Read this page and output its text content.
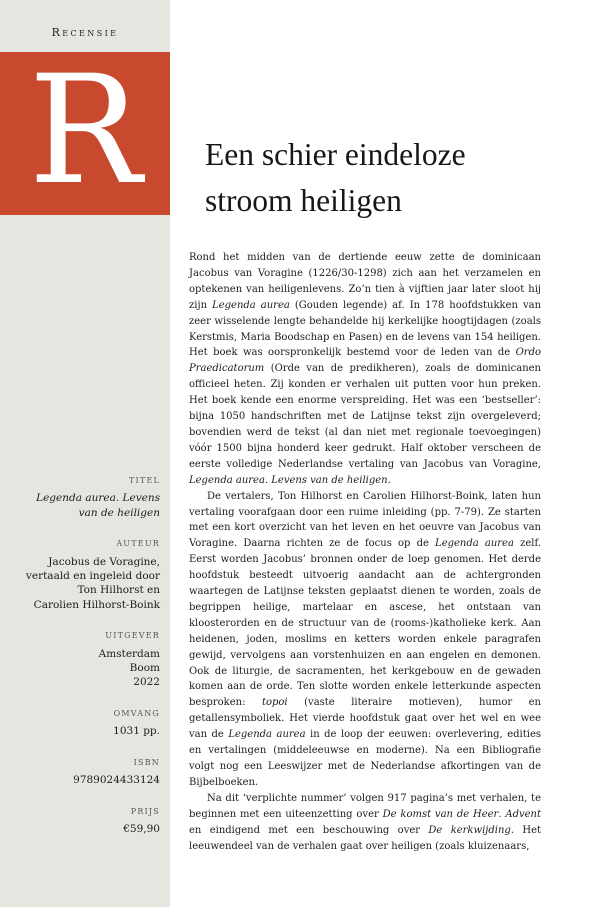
Recensie
R Een schier eindeloze
stroom heiligen
TITEL
Legenda aurea. Levens
van de heiligen
AUTEUR
Jacobus de Voragine,
vertaald en ingeleid door
Ton Hilhorst en
Carolien Hilhorst-Boink
UITGEVER
Amsterdam
Boom
2022
OMVANG
1031 pp.
ISBN
9789024433124
PRIJS
€59,90

Rond het midden van de dertiende eeuw zette de dominicaan Jacobus van Voragine (1226/30-1298) zich aan het verzamelen en optekenen van heiligenlevens. Zo’n tien à vijftien jaar later sloot hij zijn Legenda aurea (Gouden legende) af. In 178 hoofdstukken van zeer wisselende lengte behandelde hij kerkelijke hoogtijdagen (zoals Kerstmis, Maria Boodschap en Pasen) en de levens van 154 heiligen. Het boek was oorspronkelijk bestemd voor de leden van de Ordo Praedicatorum (Orde van de predikheren), zoals de dominicanen officieel heten. Zij konden er verhalen uit putten voor hun preken. Het boek kende een enorme verspreiding. Het was een ‘bestseller’: bijna 1050 handschriften met de Latijnse tekst zijn overgeleverd; bovendien werd de tekst (al dan niet met regionale toevoegingen) vóór 1500 bijna honderd keer gedrukt. Half oktober verscheen de eerste volledige Nederlandse vertaling van Jacobus van Voragine, Legenda aurea. Levens van de heiligen.

De vertalers, Ton Hilhorst en Carolien Hilhorst-Boink, laten hun vertaling voorafgaan door een ruime inleiding (pp. 7-79). Ze starten met een kort overzicht van het leven en het oeuvre van Jacobus van Voragine. Daarna richten ze de focus op de Legenda aurea zelf. Eerst worden Jacobus’ bronnen onder de loep genomen. Het derde hoofdstuk besteedt uitvoerig aandacht aan de achtergronden waartegen de Latijnse teksten geplaatst dienen te worden, zoals de begrippen heilige, martelaar en ascese, het ontstaan van kloosterorden en de structuur van de (rooms-)katholieke kerk. Aan heidenen, joden, moslims en ketters worden enkele paragrafen gewijd, vervolgens aan vorstenhuizen en aan engelen en demonen. Ook de liturgie, de sacramenten, het kerkgebouw en de gewaden komen aan de orde. Ten slotte worden enkele letterkunde aspecten besproken: topoi (vaste literaire motieven), humor en getallensymboliek. Het vierde hoofdstuk gaat over het wel en wee van de Legenda aurea in de loop der eeuwen: overlevering, edities en vertalingen (middeleeuwse en moderne). Na een Bibliografie volgt nog een Leeswijzer met de Nederlandse afkortingen van de Bijbelboeken.

Na dit ‘verplichte nummer’ volgen 917 pagina’s met verhalen, te beginnen met een uiteenzetting over De komst van de Heer. Advent en eindigend met een beschouwing over De kerkwijding. Het leeuwendeel van de verhalen gaat over heiligen (zoals kluizenaars,
